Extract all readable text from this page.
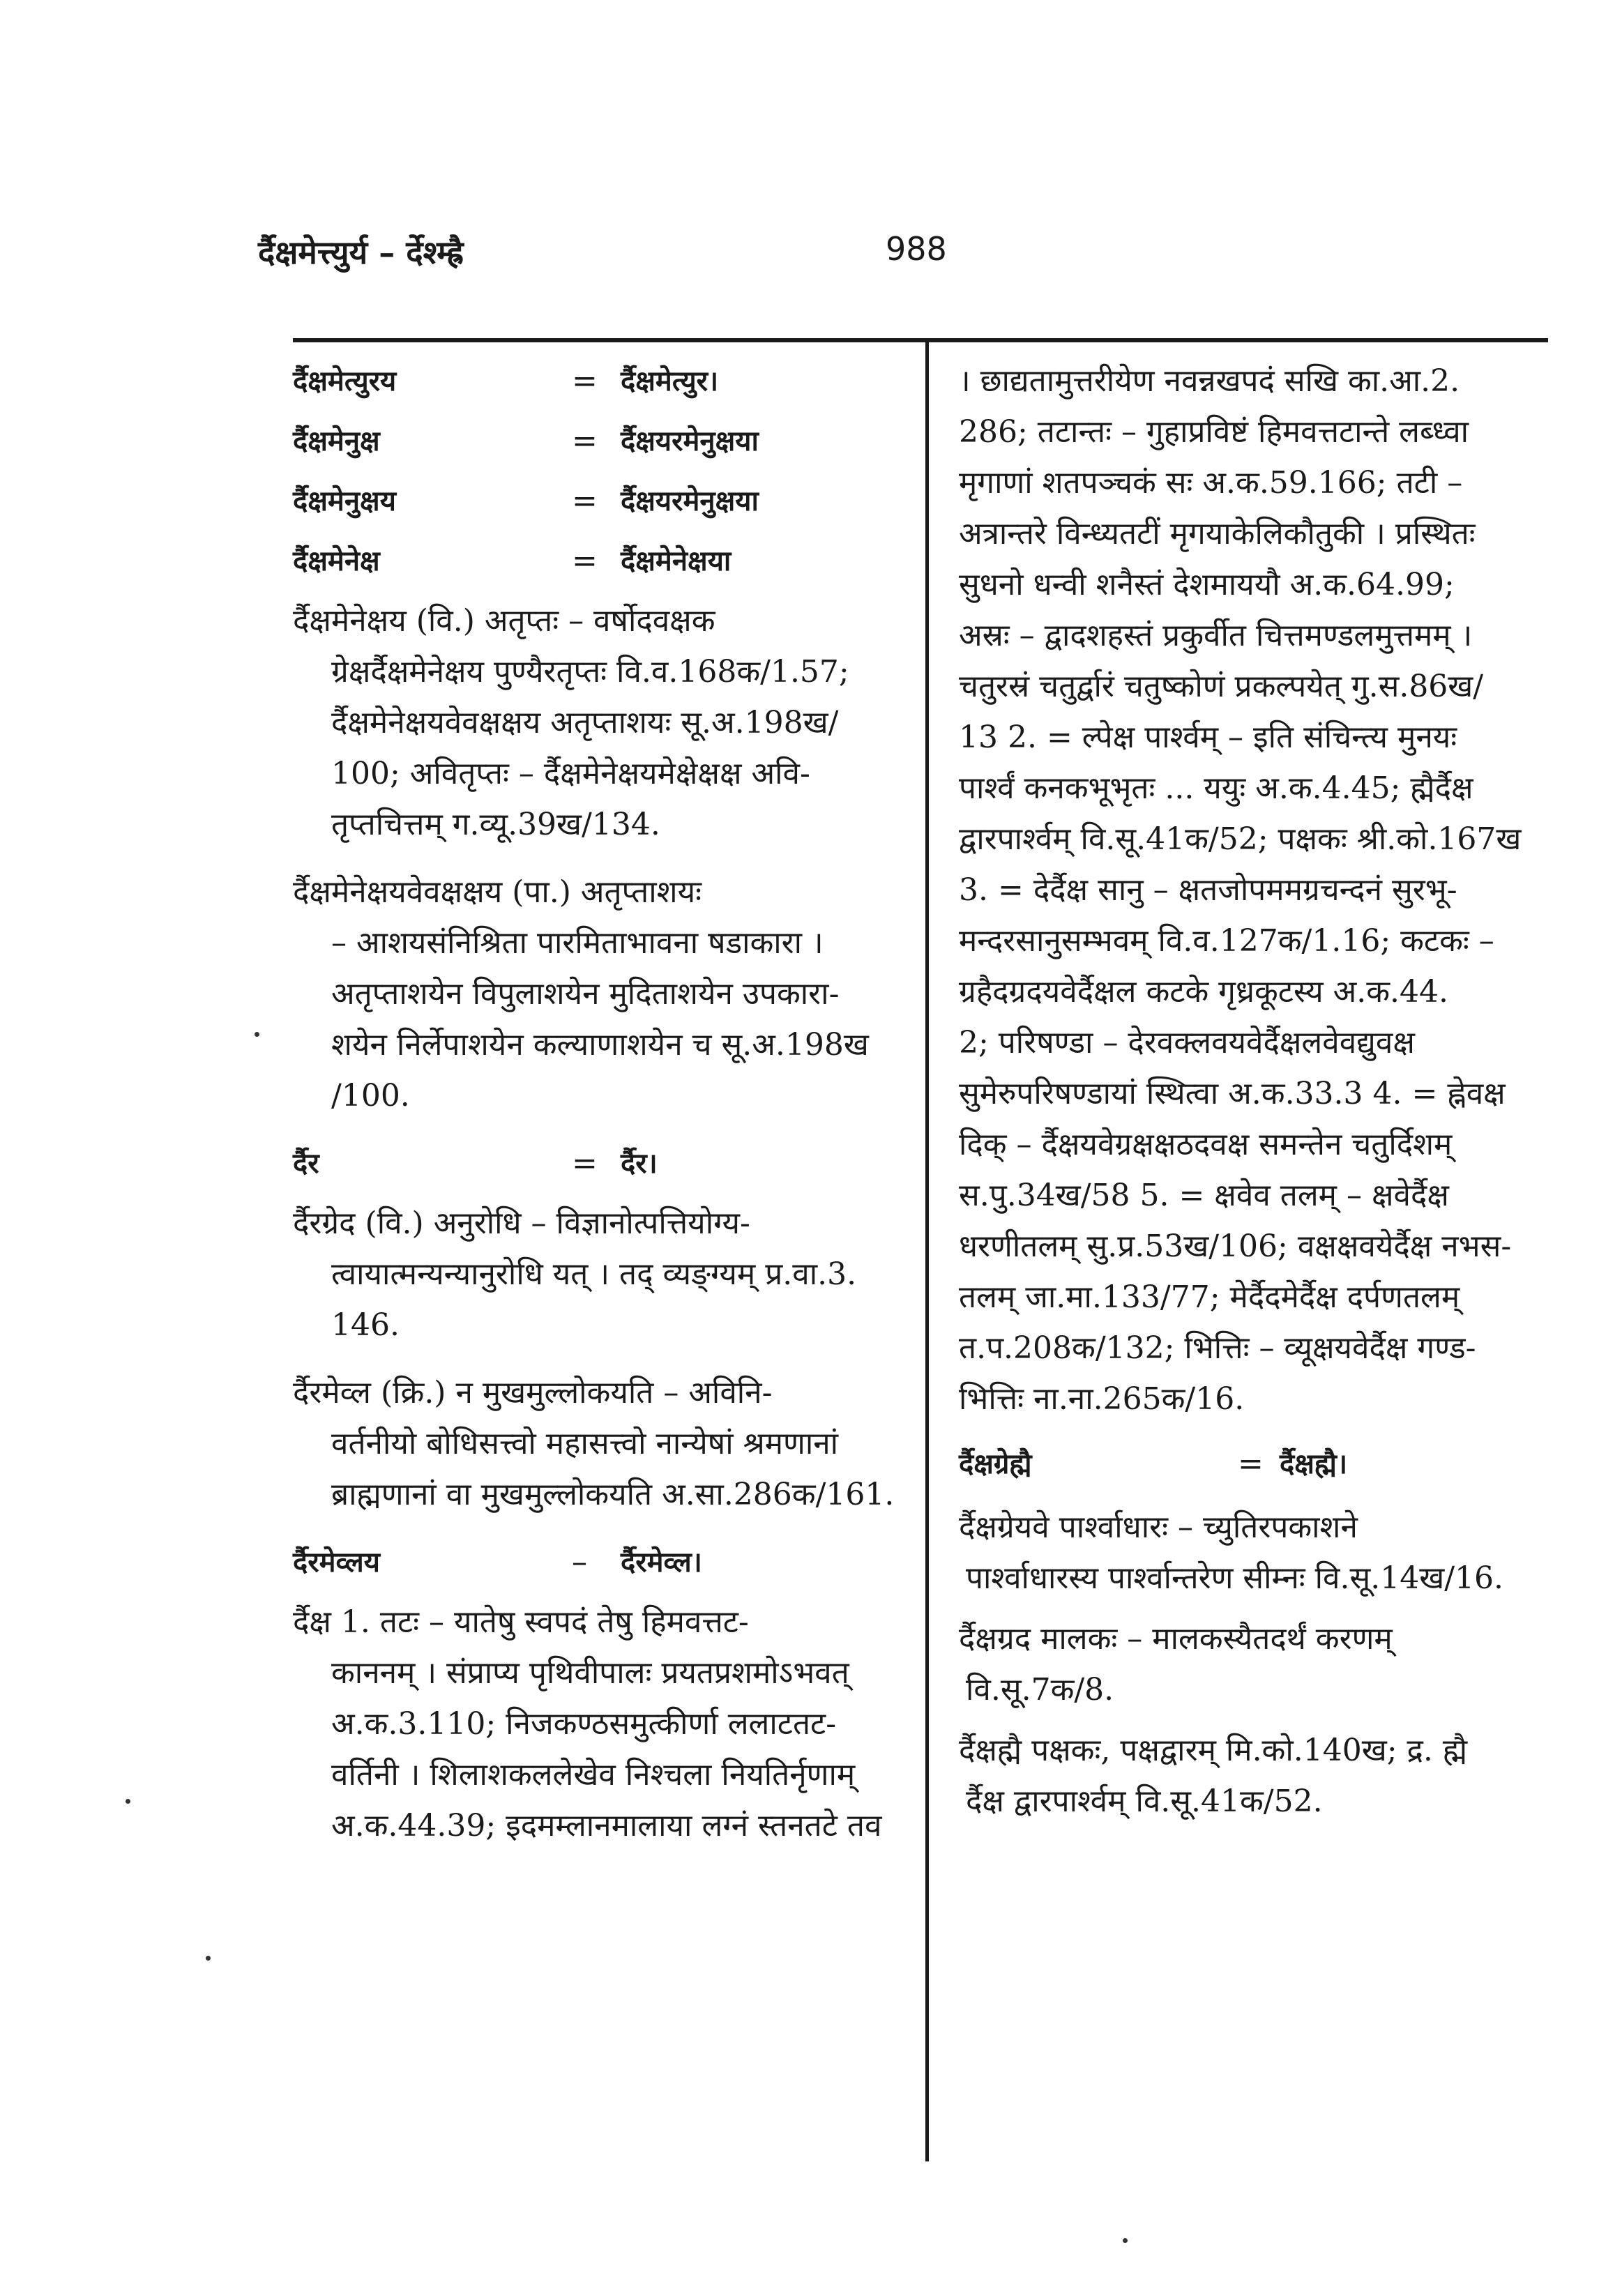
र्दैक्षमेत्त्युर्य – र्देश्म्ह्रै	988
र्दैक्षमेत्युरय	= र्दैक्षमेत्युर।
र्दैक्षमेनुक्ष	= र्दैक्षयरमेनुक्षया
र्दैक्षमेनुक्षय	= र्दैक्षयरमेनुक्षया
र्दैक्षमेनेक्ष	= र्दैक्षमेनेक्षया
र्दैक्षमेनेक्षय (वि.) अतृप्तः – वर्षोदवक्षक
ग्रेक्षर्दैक्षमेनेक्षय पुण्यैरतृप्तः वि.व.168क/1.57;
र्दैक्षमेनेक्षयवेवक्षक्षय अतृप्ताशयः सू.अ.198ख/
100; अवितृप्तः – र्दैक्षमेनेक्षयमेक्षेक्षक्ष अवि-
तृप्तचित्तम् ग.व्यू.39ख/134.
र्दैक्षमेनेक्षयवेवक्षक्षय (पा.) अतृप्ताशयः
– आशयसंनिश्रिता पारमिताभावना षडाकारा ।
अतृप्ताशयेन विपुलाशयेन मुदिताशयेन उपकारा-
शयेन निर्लेपाशयेन कल्याणाशयेन च सू.अ.198ख
/100.
र्दैर	= र्दैर।
र्दैरग्रेद (वि.) अनुरोधि – विज्ञानोत्पत्तियोग्य-
त्वायात्मन्यन्यानुरोधि यत् । तद् व्यङ्ग्यम् प्र.वा.3.
146.
र्दैरमेव्ल (क्रि.) न मुखमुल्लोकयति – अविनि-
वर्तनीयो बोधिसत्त्वो महासत्त्वो नान्येषां श्रमणानां
ब्राह्मणानां वा मुखमुल्लोकयति अ.सा.286क/161.
र्दैरमेव्लय	–	र्दैरमेव्ल।
र्दैक्ष 1. तटः – यातेषु स्वपदं तेषु हिमवत्तट-
काननम् । संप्राप्य पृथिवीपालः प्रयतप्रशमोऽभवत्
अ.क.3.110; निजकण्ठसमुत्कीर्णा ललाटतट-
वर्तिनी । शिलाशकललेखेव निश्चला नियतिर्नृणाम्
अ.क.44.39; इदमम्लानमालाया लग्नं स्तनतटे तव
। छाद्यतामुत्तरीयेण नवन्नखपदं सखि का.आ.2.
286; तटान्तः – गुहाप्रविष्टं हिमवत्तटान्ते लब्ध्वा
मृगाणां शतपञ्चकं सः अ.क.59.166; तटी –
अत्रान्तरे विन्ध्यतटीं मृगयाकेलिकौतुकी । प्रस्थितः
सुधनो धन्वी शनैस्तं देशमाययौ अ.क.64.99;
अस्रः – द्वादशहस्तं प्रकुर्वीत चित्तमण्डलमुत्तमम् ।
चतुरस्रं चतुर्द्वारं चतुष्कोणं प्रकल्पयेत् गु.स.86ख/
13 2. = ल्पेक्ष पार्श्वम् – इति संचिन्त्य मुनयः
पार्श्वं कनकभूभृतः ... ययुः अ.क.4.45; ह्मैर्दैक्ष
द्वारपार्श्वम् वि.सू.41क/52; पक्षकः श्री.को.167ख
3. = देर्दैक्ष सानु – क्षतजोपममग्रचन्दनं सुरभू-
मन्दरसानुसम्भवम् वि.व.127क/1.16; कटकः –
ग्रहैदग्रदयवेर्दैक्षल कटके गृध्रकूटस्य अ.क.44.
2; परिषण्डा – देरवक्लवयवेर्दैक्षलवेवद्युवक्ष
सुमेरुपरिषण्डायां स्थित्वा अ.क.33.3 4. = ह्नेवक्ष
दिक् – र्दैक्षयवेग्रक्षक्षठदवक्ष समन्तेन चतुर्दिशम्
स.पु.34ख/58 5. = क्षवेव तलम् – क्षवेर्दैक्ष
धरणीतलम् सु.प्र.53ख/106; वक्षक्षवयेर्दैक्ष नभस-
तलम् जा.मा.133/77; मेर्दैदमेर्दैक्ष दर्पणतलम्
त.प.208क/132; भित्तिः – व्यूक्षयवेर्दैक्ष गण्ड-
भित्तिः ना.ना.265क/16.
र्दैक्षग्रेह्मै	= र्दैक्षह्मै।
र्दैक्षग्रेयवे पार्श्वाधारः – च्युतिरपकाशने
पार्श्वाधारस्य पार्श्वान्तरेण सीम्नः वि.सू.14ख/16.
र्दैक्षग्रद मालकः – मालकस्यैतदर्थं करणम्
वि.सू.7क/8.
र्दैक्षह्मै पक्षकः, पक्षद्वारम् मि.को.140ख; द्र. ह्मै
र्दैक्ष द्वारपार्श्वम् वि.सू.41क/52.
